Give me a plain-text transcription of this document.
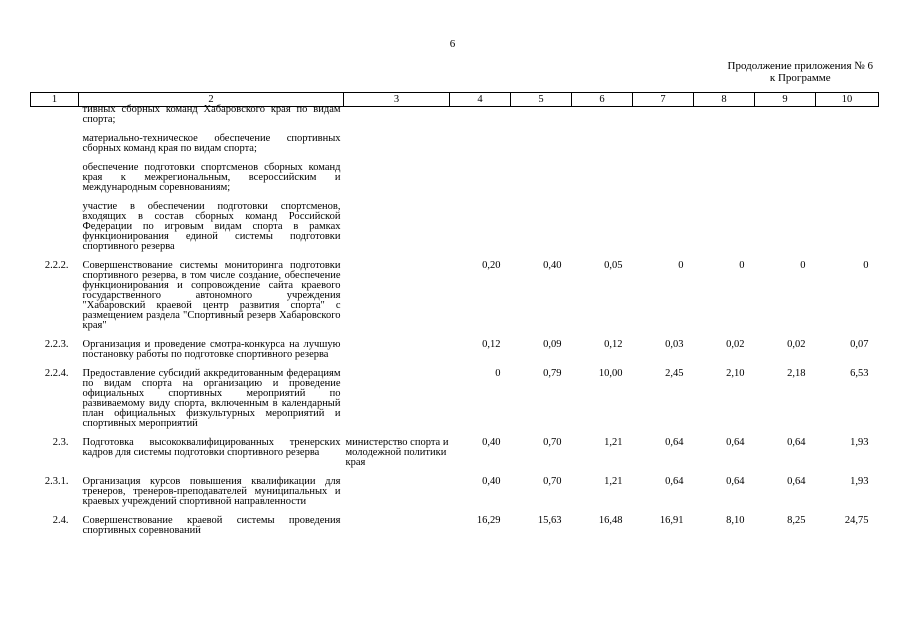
6
Продолжение приложения № 6
к Программе
1	2	3	4	5	6	7	8	9	10

	тивных сборных команд Хабаровского края по видам спорта;
материально-техническое обеспечение спортивных сборных команд края по видам спорта;
обеспечение подготовки спортсменов сборных команд края к межрегиональным, всероссийским и международным соревнованиям;
участие в обеспечении подготовки спортсменов, входящих в состав сборных команд Российской Федерации по игровым видам спорта в рамках функционирования единой системы подготовки спортивного резерва								

2.2.2.	Совершенствование системы мониторинга подготовки спортивного резерва, в том числе создание, обеспечение функционирования и сопровождение сайта краевого государственного автономного учреждения "Хабаровский краевой центр развития спорта" с размещением раздела "Спортивный резерв Хабаровского края"		0,20	0,40	0,05	0	0	0	0
2.2.3.	Организация и проведение смотра-конкурса на лучшую постановку работы по подготовке спортивного резерва		0,12	0,09	0,12	0,03	0,02	0,02	0,07
2.2.4.	Предоставление субсидий аккредитованным федерациям по видам спорта на организацию и проведение официальных спортивных мероприятий по развиваемому виду спорта, включенным в календарный план официальных физкультурных мероприятий и спортивных мероприятий		0	0,79	10,00	2,45	2,10	2,18	6,53
2.3.	Подготовка высококвалифицированных тренерских кадров для системы подготовки спортивного резерва	министерство спорта и молодежной политики края	0,40	0,70	1,21	0,64	0,64	0,64	1,93
2.3.1.	Организация курсов повышения квалификации для тренеров, тренеров-преподавателей муниципальных и краевых учреждений спортивной направленности		0,40	0,70	1,21	0,64	0,64	0,64	1,93
2.4.	Совершенствование краевой системы проведения спортивных соревнований		16,29	15,63	16,48	16,91	8,10	8,25	24,75
